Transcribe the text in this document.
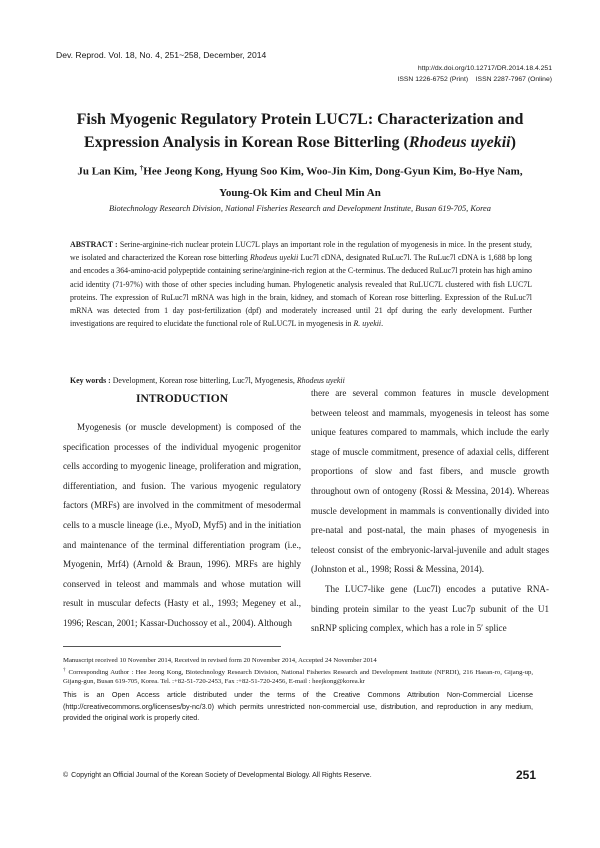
Dev. Reprod. Vol. 18, No. 4, 251~258, December, 2014
http://dx.doi.org/10.12717/DR.2014.18.4.251
ISSN 1226-6752 (Print)    ISSN 2287-7967 (Online)
Fish Myogenic Regulatory Protein LUC7L: Characterization and
Expression Analysis in Korean Rose Bitterling (Rhodeus uyekii)
Ju Lan Kim, †Hee Jeong Kong, Hyung Soo Kim, Woo-Jin Kim, Dong-Gyun Kim, Bo-Hye Nam,
Young-Ok Kim and Cheul Min An
Biotechnology Research Division, National Fisheries Research and Development Institute, Busan 619-705, Korea
ABSTRACT : Serine-arginine-rich nuclear protein LUC7L plays an important role in the regulation of myogenesis in mice. In the present study, we isolated and characterized the Korean rose bitterling Rhodeus uyekii Luc7l cDNA, designated RuLuc7l. The RuLuc7l cDNA is 1,688 bp long and encodes a 364-amino-acid polypeptide containing serine/arginine-rich region at the C-terminus. The deduced RuLuc7l protein has high amino acid identity (71-97%) with those of other species including human. Phylogenetic analysis revealed that RuLUC7L clustered with fish LUC7L proteins. The expression of RuLuc7l mRNA was high in the brain, kidney, and stomach of Korean rose bitterling. Expression of the RuLuc7l mRNA was detected from 1 day post-fertilization (dpf) and moderately increased until 21 dpf during the early development. Further investigations are required to elucidate the functional role of RuLUC7L in myogenesis in R. uyekii.
Key words : Development, Korean rose bitterling, Luc7l, Myogenesis, Rhodeus uyekii
INTRODUCTION

Myogenesis (or muscle development) is composed of the specification processes of the individual myogenic progenitor cells according to myogenic lineage, proliferation and migration, differentiation, and fusion. The various myogenic regulatory factors (MRFs) are involved in the commitment of mesodermal cells to a muscle lineage (i.e., MyoD, Myf5) and in the initiation and maintenance of the terminal differentiation program (i.e., Myogenin, Mrf4) (Arnold & Braun, 1996). MRFs are highly conserved in teleost and mammals and whose mutation will result in muscular defects (Hasty et al., 1993; Megeney et al., 1996; Rescan, 2001; Kassar-Duchossoy et al., 2004). Although

there are several common features in muscle development between teleost and mammals, myogenesis in teleost has some unique features compared to mammals, which include the early stage of muscle commitment, presence of adaxial cells, different proportions of slow and fast fibers, and muscle growth throughout own of ontogeny (Rossi & Messina, 2014). Whereas muscle development in mammals is conventionally divided into pre-natal and post-natal, the main phases of myogenesis in teleost consist of the embryonic-larval-juvenile and adult stages (Johnston et al., 1998; Rossi & Messina, 2014).

The LUC7-like gene (Luc7l) encodes a putative RNA-binding protein similar to the yeast Luc7p subunit of the U1 snRNP splicing complex, which has a role in 5′ splice

Manuscript received 10 November 2014, Received in revised form 20 November 2014, Accepted 24 November 2014

† Corresponding Author : Hee Jeong Kong, Biotechnology Research Division, National Fisheries Research and Development Institute (NFRDI), 216 Haean-ro, Gijang-up, Gijang-gun, Busan 619-705, Korea. Tel. :+82-51-720-2453, Fax :+82-51-720-2456, E-mail : heejkong@korea.kr

This is an Open Access article distributed under the terms of the Creative Commons Attribution Non-Commercial License (http://creativecommons.org/licenses/by-nc/3.0) which permits unrestricted non-commercial use, distribution, and reproduction in any medium, provided the original work is properly cited.
© Copyright an Official Journal of the Korean Society of Developmental Biology. All Rights Reserve.	251
